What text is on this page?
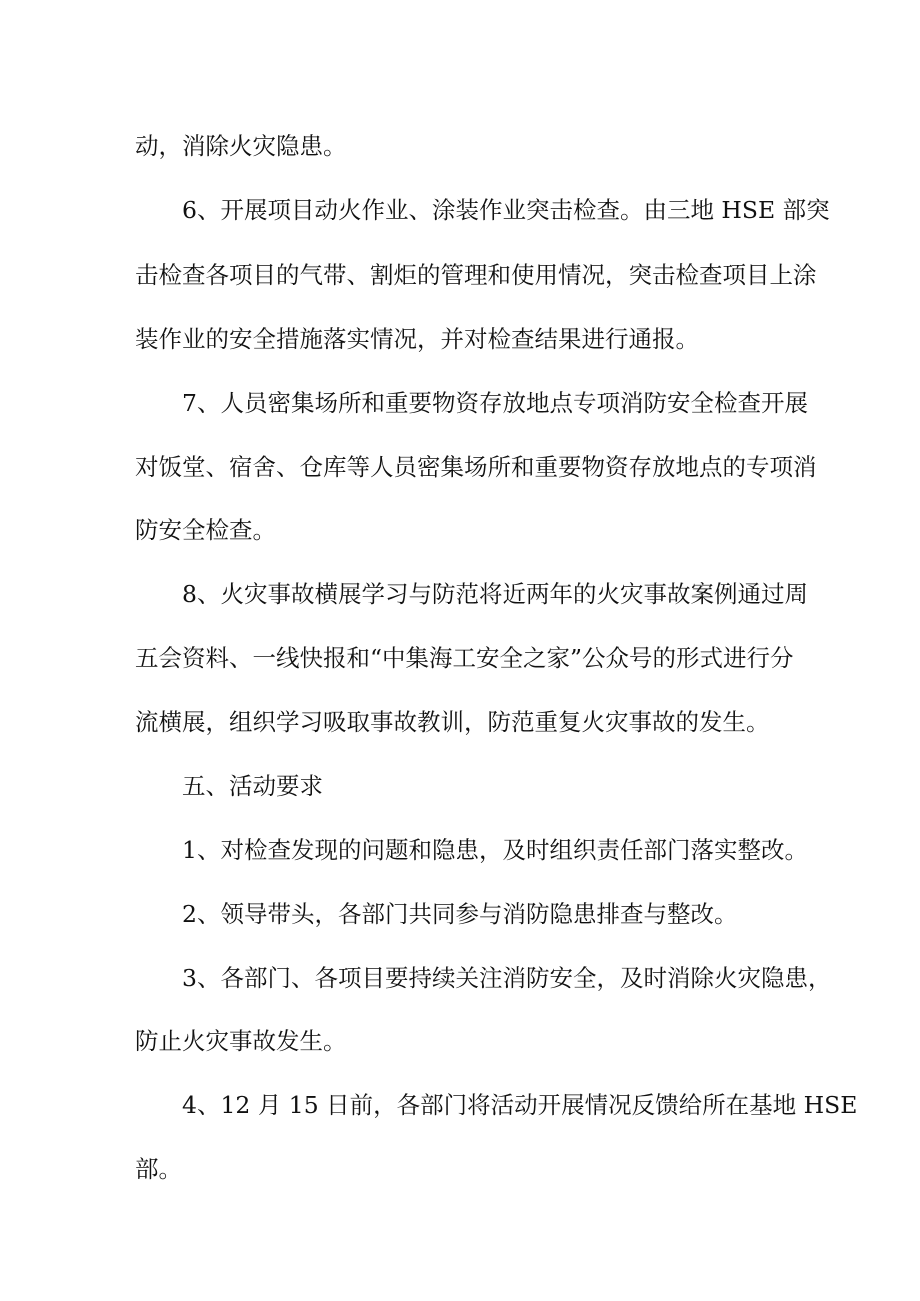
动，消除火灾隐患。
6、开展项目动火作业、涂装作业突击检查。由三地 HSE 部突
击检查各项目的气带、割炬的管理和使用情况，突击检查项目上涂
装作业的安全措施落实情况，并对检查结果进行通报。
7、人员密集场所和重要物资存放地点专项消防安全检查开展
对饭堂、宿舍、仓库等人员密集场所和重要物资存放地点的专项消
防安全检查。
8、火灾事故横展学习与防范将近两年的火灾事故案例通过周
五会资料、一线快报和“中集海工安全之家”公众号的形式进行分
流横展，组织学习吸取事故教训，防范重复火灾事故的发生。
五、活动要求
1、对检查发现的问题和隐患，及时组织责任部门落实整改。
2、领导带头，各部门共同参与消防隐患排查与整改。
3、各部门、各项目要持续关注消防安全，及时消除火灾隐患，
防止火灾事故发生。
4、12 月 15 日前，各部门将活动开展情况反馈给所在基地 HSE
部。
